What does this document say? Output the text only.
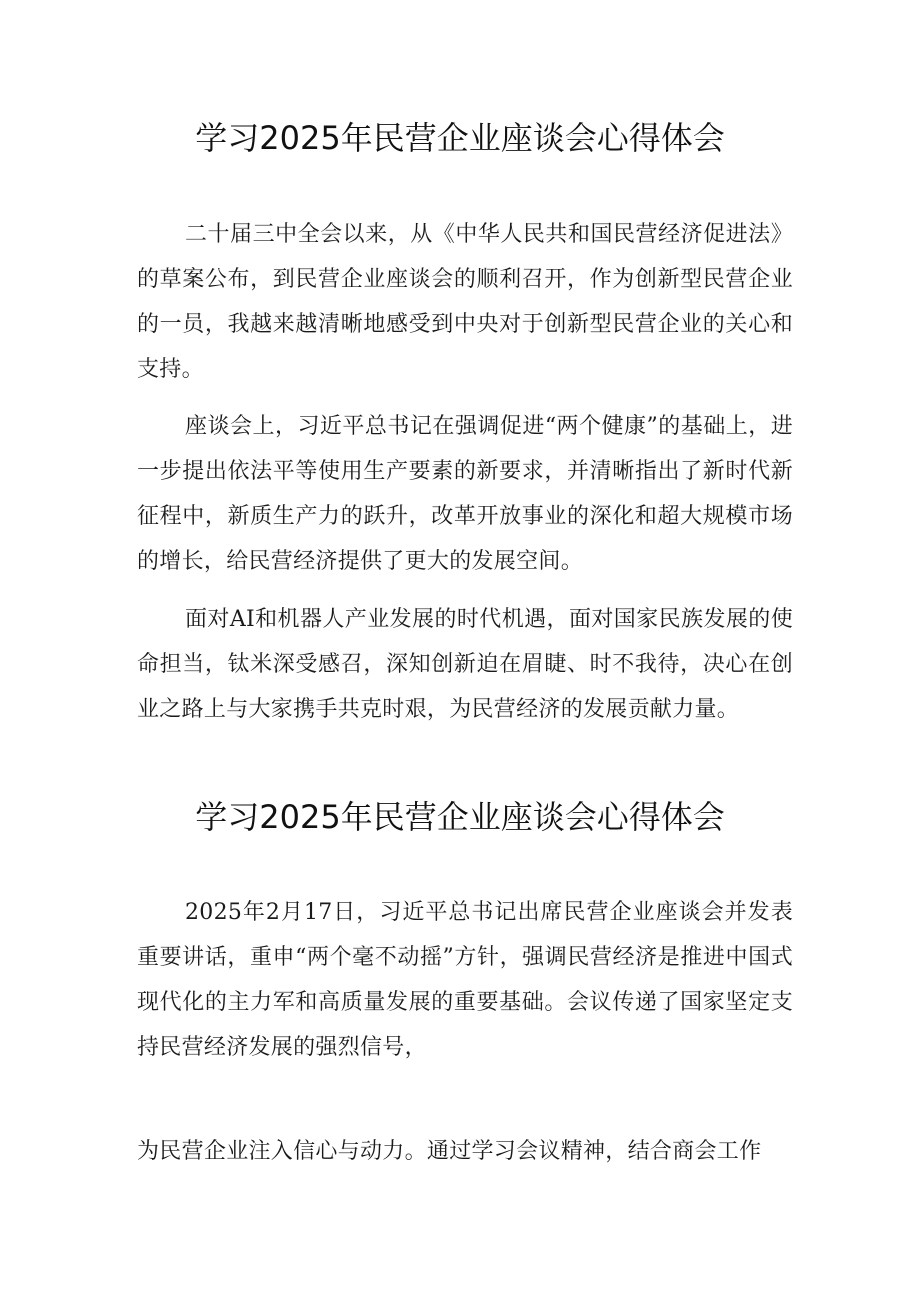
学习2025年民营企业座谈会心得体会

二十届三中全会以来，从《中华人民共和国民营经济促进法》的草案公布，到民营企业座谈会的顺利召开，作为创新型民营企业的一员，我越来越清晰地感受到中央对于创新型民营企业的关心和支持。

座谈会上，习近平总书记在强调促进“两个健康”的基础上，进一步提出依法平等使用生产要素的新要求，并清晰指出了新时代新征程中，新质生产力的跃升，改革开放事业的深化和超大规模市场的增长，给民营经济提供了更大的发展空间。

面对AI和机器人产业发展的时代机遇，面对国家民族发展的使命担当，钛米深受感召，深知创新迫在眉睫、时不我待，决心在创业之路上与大家携手共克时艰，为民营经济的发展贡献力量。

学习2025年民营企业座谈会心得体会

2025年2月17日，习近平总书记出席民营企业座谈会并发表重要讲话，重申“两个毫不动摇”方针，强调民营经济是推进中国式现代化的主力军和高质量发展的重要基础。会议传递了国家坚定支持民营经济发展的强烈信号，

为民营企业注入信心与动力。通过学习会议精神，结合商会工作
